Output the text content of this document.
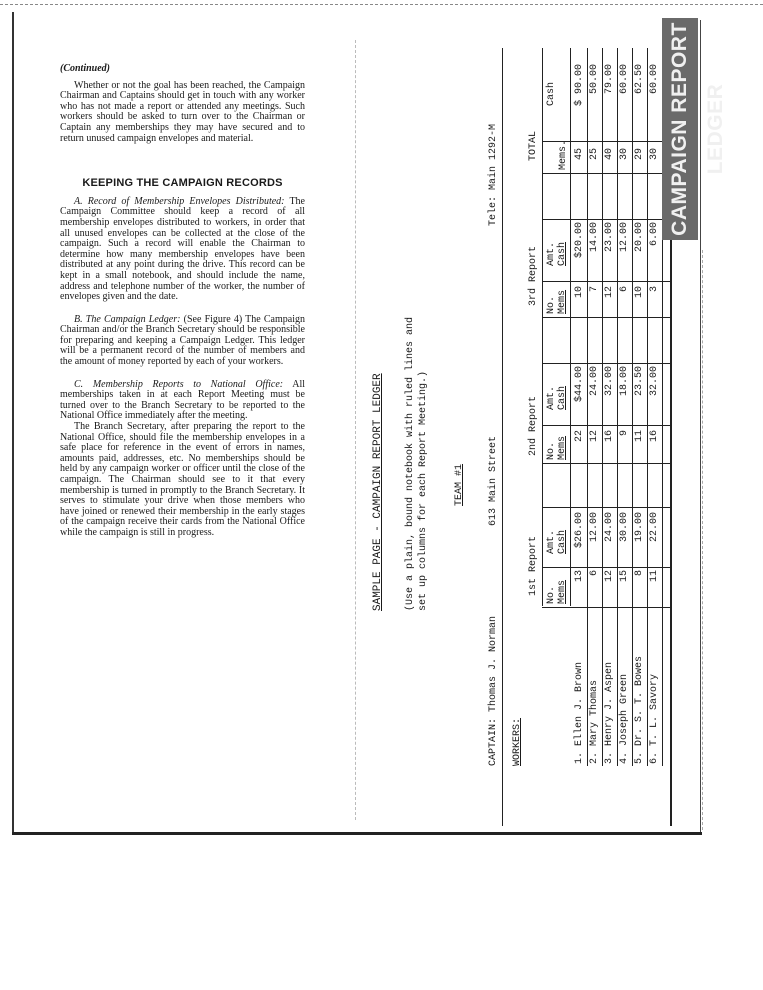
(Continued)

Whether or not the goal has been reached, the Campaign Chairman and Captains should get in touch with any worker who has not made a report or attended any meetings. Such workers should be asked to turn over to the Chairman or Captain any memberships they may have secured and to return unused campaign envelopes and material.

KEEPING THE CAMPAIGN RECORDS

A. Record of Membership Envelopes Distributed: The Campaign Committee should keep a record of all membership envelopes distributed to workers, in order that all unused envelopes can be collected at the close of the campaign. Such a record will enable the Chairman to determine how many membership envelopes have been distributed at any point during the drive. This record can be kept in a small notebook, and should include the name, address and telephone number of the worker, the number of envelopes given and the date.

B. The Campaign Ledger: (See Figure 4) The Campaign Chairman and/or the Branch Secretary should be responsible for preparing and keeping a Campaign Ledger. This ledger will be a permanent record of the number of members and the amount of money reported by each of your workers.

C. Membership Reports to National Office: All memberships taken in at each Report Meeting must be turned over to the Branch Secretary to be reported to the National Office immediately after the meeting.

The Branch Secretary, after preparing the report to the National Office, should file the membership envelopes in a safe place for reference in the event of errors in names, amounts paid, addresses, etc. No memberships should be held by any campaign worker or officer until the close of the campaign. The Chairman should see to it that every membership is turned in promptly to the Branch Secretary. It serves to stimulate your drive when those members who have joined or renewed their membership in the early stages of the campaign receive their cards from the National Office while the campaign is still in progress.	SAMPLE PAGE - CAMPAIGN REPORT LEDGER (Use a plain, bound notebook with ruled lines and set up columns for each Report Meeting.)	TEAM #1
CAPTAIN: Thomas J. Norman
613 Main Street
Tele: Main 1292-M
WORKERS:
1st Report
2nd Report
3rd Report
TOTAL
No.
Mems
Amt.
Cash
No.
Mems
Amt.
Cash
No.
Mems
Amt.
Cash
Mems.
Cash
1. Ellen J. Brown
13
$26.00
22
$44.00
10
$20.00
45
$ 90.00
2. Mary Thomas
6
12.00
12
24.00
7
14.00
25
50.00
3. Henry J. Aspen
12
24.00
16
32.00
12
23.00
40
79.00
4. Joseph Green
15
30.00
9
18.00
6
12.00
30
60.00
5. Dr. S. T. Bowes
8
19.00
11
23.50
10
20.00
29
62.50
6. T. L. Savory
11
22.00
16
32.00
3
6.00
30
60.00 CAMPAIGN REPORT LEDGER
